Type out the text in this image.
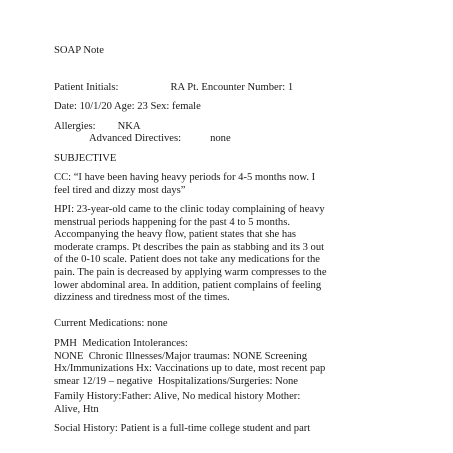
SOAP Note
Patient Initials:	RA Pt. Encounter Number: 1
Date: 10/1/20 Age: 23 Sex: female
Allergies: NKA
Advanced Directives:	none
SUBJECTIVE
CC: “I have been having heavy periods for 4-5 months now. I
feel tired and dizzy most days”
HPI: 23-year-old came to the clinic today complaining of heavy
menstrual periods happening for the past 4 to 5 months.
Accompanying the heavy flow, patient states that she has
moderate cramps. Pt describes the pain as stabbing and its 3 out
of the 0-10 scale. Patient does not take any medications for the
pain. The pain is decreased by applying warm compresses to the
lower abdominal area. In addition, patient complains of feeling
dizziness and tiredness most of the times.
Current Medications: none
PMH  Medication Intolerances:
NONE  Chronic Illnesses/Major traumas: NONE Screening
Hx/Immunizations Hx: Vaccinations up to date, most recent pap
smear 12/19 – negative  Hospitalizations/Surgeries: None
Family History:Father: Alive, No medical history Mother:
Alive, Htn
Social History: Patient is a full-time college student and part
